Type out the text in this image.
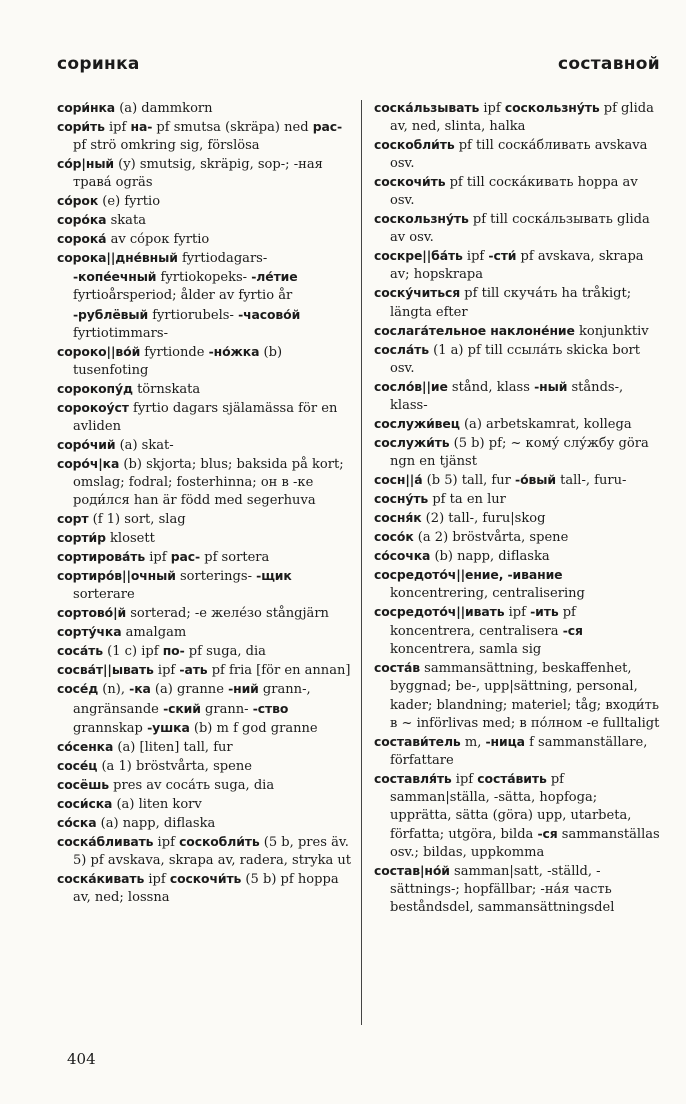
соринка	составной
сори́нка (a) dammkorn
сори́ть ipf на- pf smutsa (skräpa) ned рас- pf strö omkring sig, förslösa
со́р|ный (y) smutsig, skräpig, sop-; -ная трава́ ogräs
со́рок (e) fyrtio
соро́ка skata
сорока́ av со́рок fyrtio
сорока||дне́вный fyrtiodagars- -копе́ечный fyrtiokopeks- -ле́тие fyrtioårsperiod; ålder av fyrtio år -рублёвый fyrtiorubels- -часово́й fyrtiotimmars-
сороко||во́й fyrtionde -но́жка (b) tusenfoting
сорокопу́д törnskata
сорокоу́ст fyrtio dagars själamässa för en avliden
соро́чий (a) skat-
соро́ч|ка (b) skjorta; blus; baksida på kort; omslag; fodral; fosterhinna; он в -ке роди́лся han är född med segerhuva
сорт (f 1) sort, slag
сорти́р klosett
сортирова́ть ipf рас- pf sortera
сортиро́в||очный sorterings- -щик sorterare
сортово́|й sorterad; -е желе́зо stångjärn
сорту́чка amalgam
соса́ть (1 c) ipf по- pf suga, dia
сосва́т||ывать ipf -ать pf fria [för en annan]
сосе́д (n), -ка (a) granne -ний grann-, angränsande -ский grann- -ство grannskap -ушка (b) m f god granne
со́сенка (a) [liten] tall, fur
сосе́ц (a 1) bröstvårta, spene
сосёшь pres av соса́ть suga, dia
соси́ска (a) liten korv
со́ска (a) napp, diflaska
соска́бливать ipf соскобли́ть (5 b, pres äv. 5) pf avskava, skrapa av, radera, stryka ut
соска́кивать ipf соскочи́ть (5 b) pf hoppa av, ned; lossna
соска́льзывать ipf соскользну́ть pf glida av, ned, slinta, halka
соскобли́ть pf till соска́бливать avskava osv.
соскочи́ть pf till соска́кивать hoppa av osv.
соскользну́ть pf till соска́льзывать glida av osv.
соскре||ба́ть ipf -сти́ pf avskava, skrapa av; hopskrapa
соску́читься pf till скуча́ть ha tråkigt; längta efter
сослага́тельное наклоне́ние konjunktiv
сосла́ть (1 a) pf till ссыла́ть skicka bort osv.
сосло́в||ие stånd, klass -ный stånds-, klass-
сослужи́вец (a) arbetskamrat, kollega
сослужи́ть (5 b) pf; ~ кому́ слу́жбу göra ngn en tjänst
сосн||а́ (b 5) tall, fur -о́вый tall-, furu-
сосну́ть pf ta en lur
сосня́к (2) tall-, furu|skog
сосо́к (a 2) bröstvårta, spene
со́сочка (b) napp, diflaska
сосредото́ч||ение, -ивание koncentrering, centralisering
сосредото́ч||ивать ipf -ить pf koncentrera, centralisera -ся koncentrera, samla sig
соста́в sammansättning, beskaffenhet, byggnad; be-, upp|sättning, personal, kader; blandning; materiel; tåg; входи́ть в ~ införlivas med; в по́лном -е fulltaligt
состави́тель m, -ница f sammanställare, författare
составля́ть ipf соста́вить pf samman|ställa, -sätta, hopfoga; upprätta, sätta (göra) upp, utarbeta, författa; utgöra, bilda -ся sammanställas osv.; bildas, uppkomma
состав|но́й samman|satt, -ställd, -sättnings-; hopfällbar; -на́я часть beståndsdel, sammansättningsdel
404
